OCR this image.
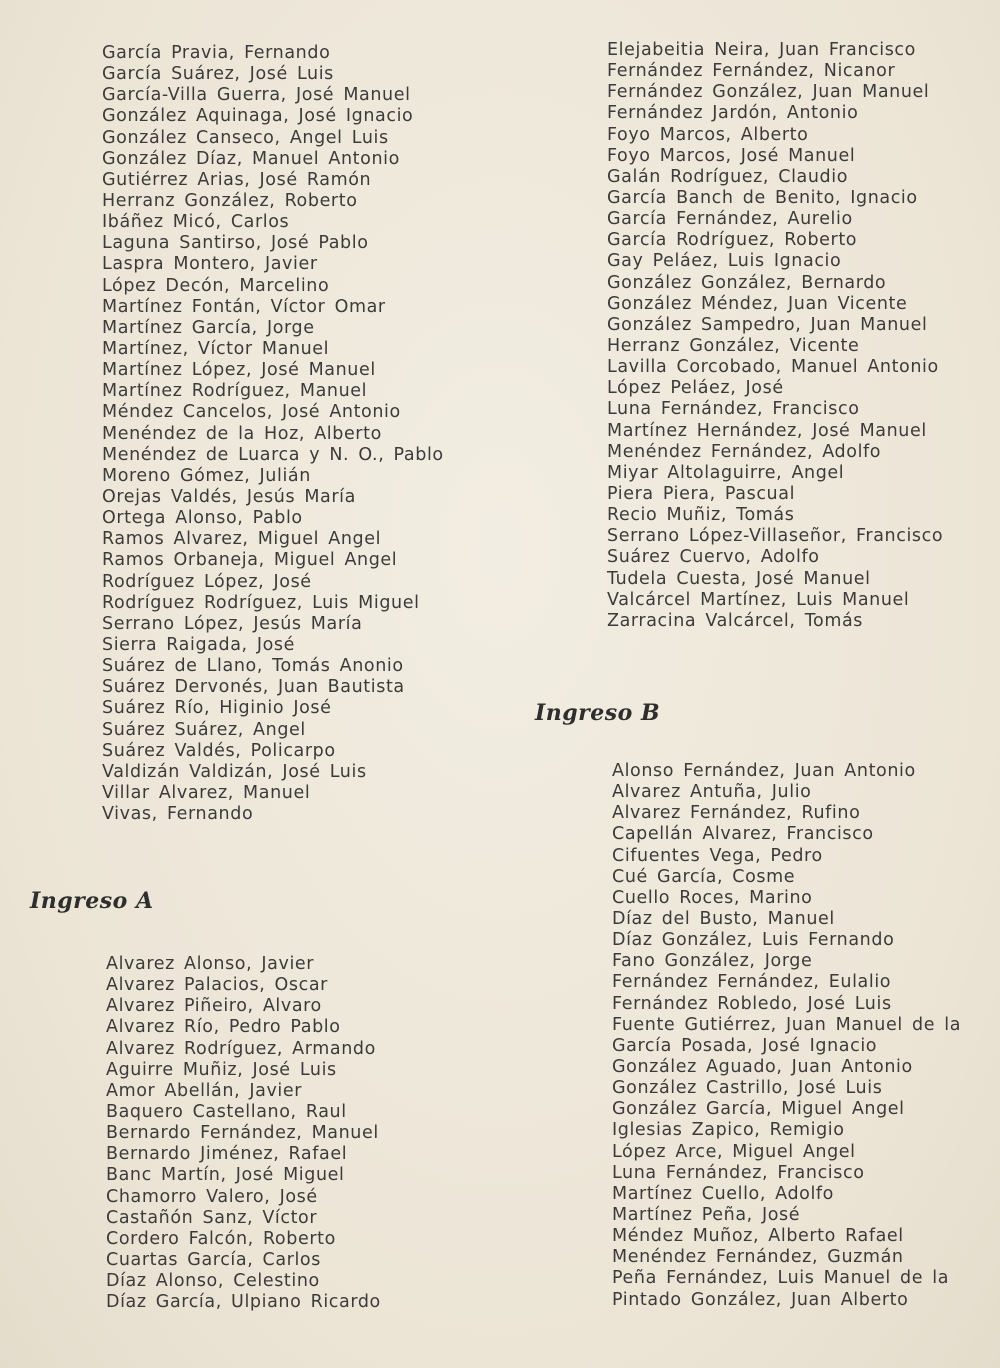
García Pravia, Fernando
García Suárez, José Luis
García-Villa Guerra, José Manuel
González Aquinaga, José Ignacio
González Canseco, Angel Luis
González Díaz, Manuel Antonio
Gutiérrez Arias, José Ramón
Herranz González, Roberto
Ibáñez Micó, Carlos
Laguna Santirso, José Pablo
Laspra Montero, Javier
López Decón, Marcelino
Martínez Fontán, Víctor Omar
Martínez García, Jorge
Martínez, Víctor Manuel
Martínez López, José Manuel
Martínez Rodríguez, Manuel
Méndez Cancelos, José Antonio
Menéndez de la Hoz, Alberto
Menéndez de Luarca y N. O., Pablo
Moreno Gómez, Julián
Orejas Valdés, Jesús María
Ortega Alonso, Pablo
Ramos Alvarez, Miguel Angel
Ramos Orbaneja, Miguel Angel
Rodríguez López, José
Rodríguez Rodríguez, Luis Miguel
Serrano López, Jesús María
Sierra Raigada, José
Suárez de Llano, Tomás Anonio
Suárez Dervonés, Juan Bautista
Suárez Río, Higinio José
Suárez Suárez, Angel
Suárez Valdés, Policarpo
Valdizán Valdizán, José Luis
Villar Alvarez, Manuel
Vivas, Fernando
Ingreso A
Alvarez Alonso, Javier
Alvarez Palacios, Oscar
Alvarez Piñeiro, Alvaro
Alvarez Río, Pedro Pablo
Alvarez Rodríguez, Armando
Aguirre Muñiz, José Luis
Amor Abellán, Javier
Baquero Castellano, Raul
Bernardo Fernández, Manuel
Bernardo Jiménez, Rafael
Banc Martín, José Miguel
Chamorro Valero, José
Castañón Sanz, Víctor
Cordero Falcón, Roberto
Cuartas García, Carlos
Díaz Alonso, Celestino
Díaz García, Ulpiano Ricardo
Elejabeitia Neira, Juan Francisco
Fernández Fernández, Nicanor
Fernández González, Juan Manuel
Fernández Jardón, Antonio
Foyo Marcos, Alberto
Foyo Marcos, José Manuel
Galán Rodríguez, Claudio
García Banch de Benito, Ignacio
García Fernández, Aurelio
García Rodríguez, Roberto
Gay Peláez, Luis Ignacio
González González, Bernardo
González Méndez, Juan Vicente
González Sampedro, Juan Manuel
Herranz González, Vicente
Lavilla Corcobado, Manuel Antonio
López Peláez, José
Luna Fernández, Francisco
Martínez Hernández, José Manuel
Menéndez Fernández, Adolfo
Miyar Altolaguirre, Angel
Piera Piera, Pascual
Recio Muñiz, Tomás
Serrano López-Villaseñor, Francisco
Suárez Cuervo, Adolfo
Tudela Cuesta, José Manuel
Valcárcel Martínez, Luis Manuel
Zarracina Valcárcel, Tomás
Ingreso B
Alonso Fernández, Juan Antonio
Alvarez Antuña, Julio
Alvarez Fernández, Rufino
Capellán Alvarez, Francisco
Cifuentes Vega, Pedro
Cué García, Cosme
Cuello Roces, Marino
Díaz del Busto, Manuel
Díaz González, Luis Fernando
Fano González, Jorge
Fernández Fernández, Eulalio
Fernández Robledo, José Luis
Fuente Gutiérrez, Juan Manuel de la
García Posada, José Ignacio
González Aguado, Juan Antonio
González Castrillo, José Luis
González García, Miguel Angel
Iglesias Zapico, Remigio
López Arce, Miguel Angel
Luna Fernández, Francisco
Martínez Cuello, Adolfo
Martínez Peña, José
Méndez Muñoz, Alberto Rafael
Menéndez Fernández, Guzmán
Peña Fernández, Luis Manuel de la
Pintado González, Juan Alberto
